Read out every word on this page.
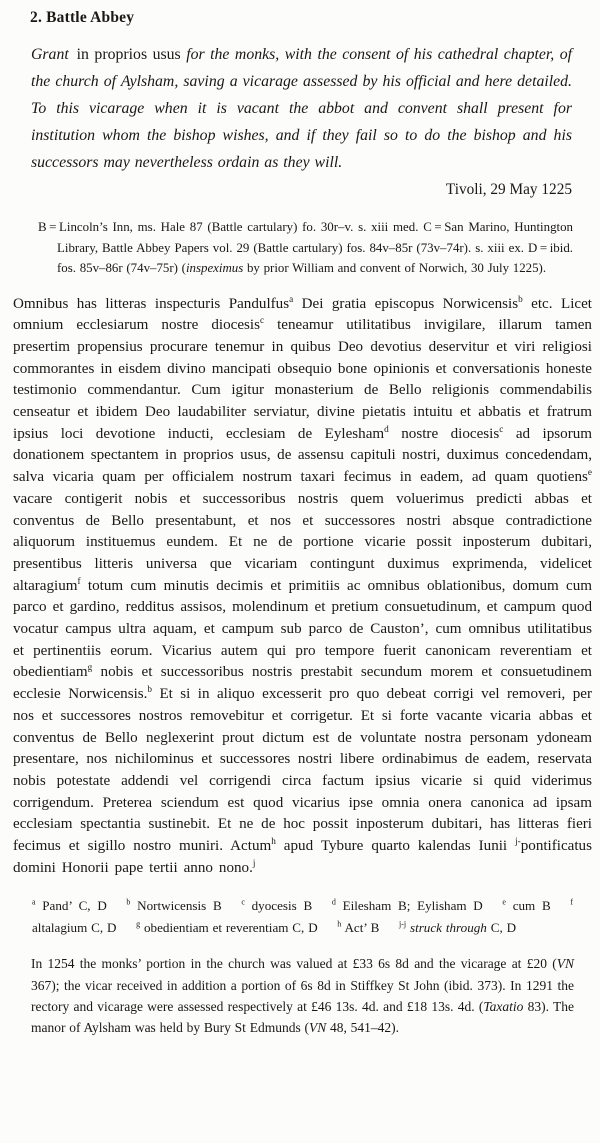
2. Battle Abbey
Grant in proprios usus for the monks, with the consent of his cathedral chapter, of the church of Aylsham, saving a vicarage assessed by his official and here detailed. To this vicarage when it is vacant the abbot and convent shall present for institution whom the bishop wishes, and if they fail so to do the bishop and his successors may nevertheless ordain as they will.
Tivoli, 29 May 1225
B = Lincoln’s Inn, ms. Hale 87 (Battle cartulary) fo. 30r–v. s. xiii med. C = San Marino, Huntington Library, Battle Abbey Papers vol. 29 (Battle cartulary) fos. 84v–85r (73v–74r). s. xiii ex. D = ibid. fos. 85v–86r (74v–75r) (inspeximus by prior William and convent of Norwich, 30 July 1225).
Omnibus has litteras inspecturis Pandulfus$^a$ Dei gratia episcopus Norwicensis$^b$ etc. Licet omnium ecclesiarum nostre diocesis$^c$ teneamur utilitatibus invigilare, illarum tamen presertim propensius procurare tenemur in quibus Deo devotius deservitur et viri religiosi commorantes in eisdem divino mancipati obsequio bone opinionis et conversationis honeste testimonio commendantur. Cum igitur monasterium de Bello religionis commendabilis censeatur et ibidem Deo laudabiliter serviatur, divine pietatis intuitu et abbatis et fratrum ipsius loci devotione inducti, ecclesiam de Eylesham$^d$ nostre diocesis$^c$ ad ipsorum donationem spectantem in proprios usus, de assensu capituli nostri, duximus concedendam, salva vicaria quam per officialem nostrum taxari fecimus in eadem, ad quam quotiens$^e$ vacare contigerit nobis et successoribus nostris quem voluerimus predicti abbas et conventus de Bello presentabunt, et nos et successores nostri absque contradictione aliquorum instituemus eundem. Et ne de portione vicarie possit inposterum dubitari, presentibus litteris universa que vicariam contingunt duximus exprimenda, videlicet altaragium$^f$ totum cum minutis decimis et primitiis ac omnibus oblationibus, domum cum parco et gardino, redditus assisos, molendinum et pretium consuetudinum, et campum quod vocatur campus ultra aquam, et campum sub parco de Causton’, cum omnibus utilitatibus et pertinentiis eorum. Vicarius autem qui pro tempore fuerit canonicam reverentiam et obedientiam$^g$ nobis et successoribus nostris prestabit secundum morem et consuetudinem ecclesie Norwicensis.$^b$ Et si in aliquo excesserit pro quo debeat corrigi vel removeri, per nos et successores nostros removebitur et corrigetur. Et si forte vacante vicaria abbas et conventus de Bello neglexerint prout dictum est de voluntate nostra personam ydoneam presentare, nos nichilominus et successores nostri libere ordinabimus de eadem, reservata nobis potestate addendi vel corrigendi circa factum ipsius vicarie si quid viderimus corrigendum. Preterea sciendum est quod vicarius ipse omnia onera canonica ad ipsam ecclesiam spectantia sustinebit. Et ne de hoc possit inposterum dubitari, has litteras fieri fecimus et sigillo nostro muniri. Actum$^h$ apud Tybure quarto kalendas Iunii $^{j-}$pontificatus domini Honorii pape tertii anno nono.$^j$
$^a$ Pand’ C, D  $^b$ Nortwicensis B  $^c$ dyocesis B  $^d$ Eilesham B; Eylisham D  $^e$ cum B  $^f$ altalagium C, D  $^g$ obedientiam et reverentiam C, D  $^h$ Act’ B  $^{j-j}$ struck through C, D
In 1254 the monks’ portion in the church was valued at £33 6s 8d and the vicarage at £20 (VN 367); the vicar received in addition a portion of 6s 8d in Stiffkey St John (ibid. 373). In 1291 the rectory and vicarage were assessed respectively at £46 13s. 4d. and £18 13s. 4d. (Taxatio 83). The manor of Aylsham was held by Bury St Edmunds (VN 48, 541–42).
